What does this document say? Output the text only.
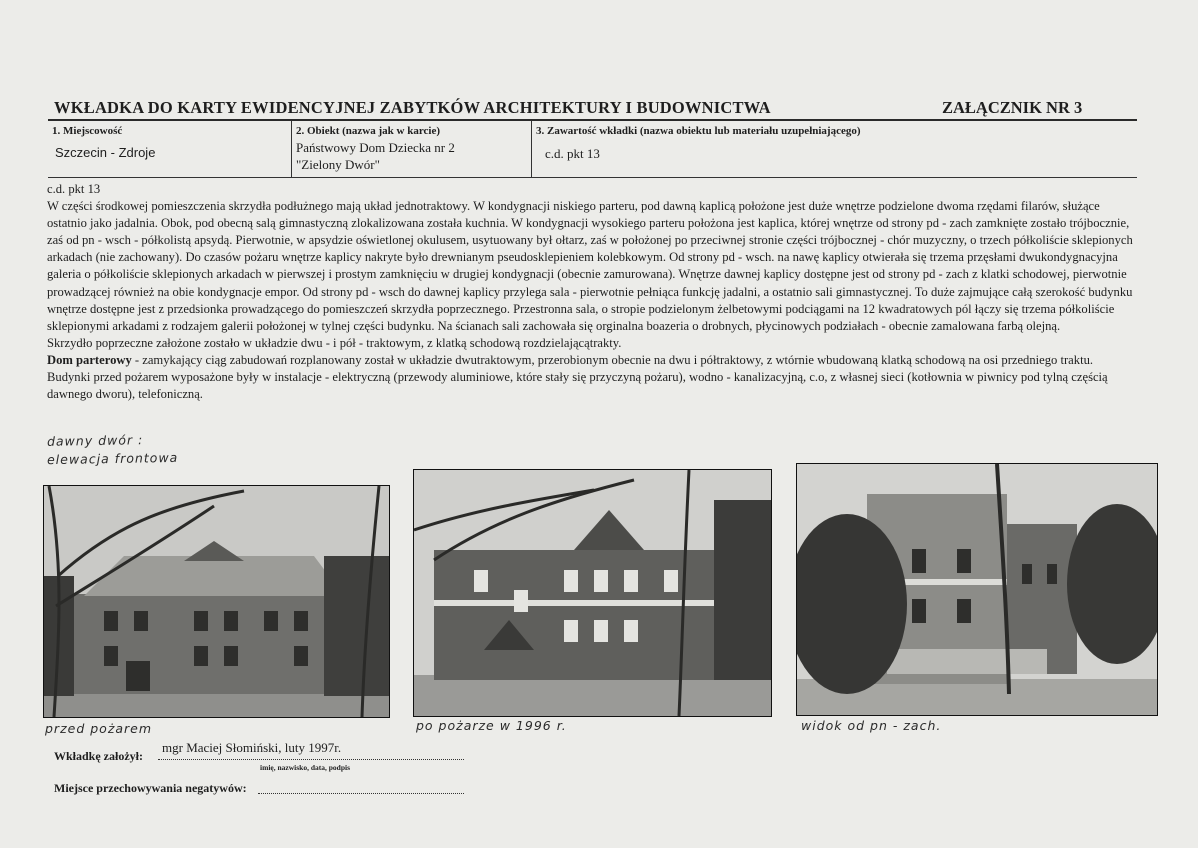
WKŁADKA DO KARTY EWIDENCYJNEJ ZABYTKÓW ARCHITEKTURY I BUDOWNICTWA	ZAŁĄCZNIK NR 3
1. Miejscowość
Szczecin - Zdroje
2. Obiekt (nazwa jak w karcie)
Państwowy Dom Dziecka nr 2
"Zielony Dwór"
3. Zawartość wkładki (nazwa obiektu lub materiału uzupełniającego)
c.d. pkt 13

c.d. pkt 13

W części środkowej pomieszczenia skrzydła podłużnego mają układ jednotraktowy. W kondygnacji niskiego parteru, pod dawną kaplicą położone jest duże wnętrze podzielone dwoma rzędami filarów, służące ostatnio jako jadalnia. Obok, pod obecną salą gimnastyczną zlokalizowana została kuchnia. W kondygnacji wysokiego parteru położona jest kaplica, której wnętrze od strony pd - zach zamknięte zostało trójbocznie, zaś od pn - wsch - półkolistą apsydą. Pierwotnie, w apsydzie oświetlonej okulusem, usytuowany był ołtarz, zaś w położonej po przeciwnej stronie części trójbocznej - chór muzyczny, o trzech półkoliście sklepionych arkadach (nie zachowany). Do czasów pożaru wnętrze kaplicy nakryte było drewnianym pseudosklepieniem kolebkowym. Od strony pd - wsch. na nawę kaplicy otwierała się trzema przęsłami dwukondygnacyjna galeria o półkoliście sklepionych arkadach w pierwszej i prostym zamknięciu w drugiej kondygnacji (obecnie zamurowana). Wnętrze dawnej kaplicy dostępne jest od strony pd - zach z klatki schodowej, pierwotnie prowadzącej również na obie kondygnacje empor. Od strony pd - wsch do dawnej kaplicy przylega sala - pierwotnie pełniąca funkcję jadalni, a ostatnio sali gimnastycznej. To duże zajmujące całą szerokość budynku wnętrze dostępne jest z przedsionka prowadzącego do pomieszczeń skrzydła poprzecznego. Przestronna sala, o stropie podzielonym żelbetowymi podciągami na 12 kwadratowych pól łączy się trzema półkoliście sklepionymi arkadami z rodzajem galerii położonej w tylnej części budynku. Na ścianach sali zachowała się orginalna boazeria o drobnych, płycinowych podziałach - obecnie zamalowana farbą olejną.

Skrzydło poprzeczne założone zostało w układzie dwu - i pół - traktowym, z klatką schodową rozdzielającątrakty.

Dom parterowy - zamykający ciąg zabudowań rozplanowany został w układzie dwutraktowym, przerobionym obecnie na dwu i półtraktowy, z wtórnie wbudowaną klatką schodową na osi przedniego traktu. Budynki przed pożarem wyposażone były w instalacje - elektryczną (przewody aluminiowe, które stały się przyczyną pożaru), wodno - kanalizacyjną, c.o, z własnej sieci (kotłownia w piwnicy pod tylną częścią dawnego dworu), telefoniczną.

dawny dwór :
elewacja frontowa
przed pożarem	po pożarze w 1996 r.	widok od pn - zach.
Wkładkę założył:
mgr Maciej Słomiński, luty 1997r.
imię, nazwisko, data, podpis
Miejsce przechowywania negatywów:
